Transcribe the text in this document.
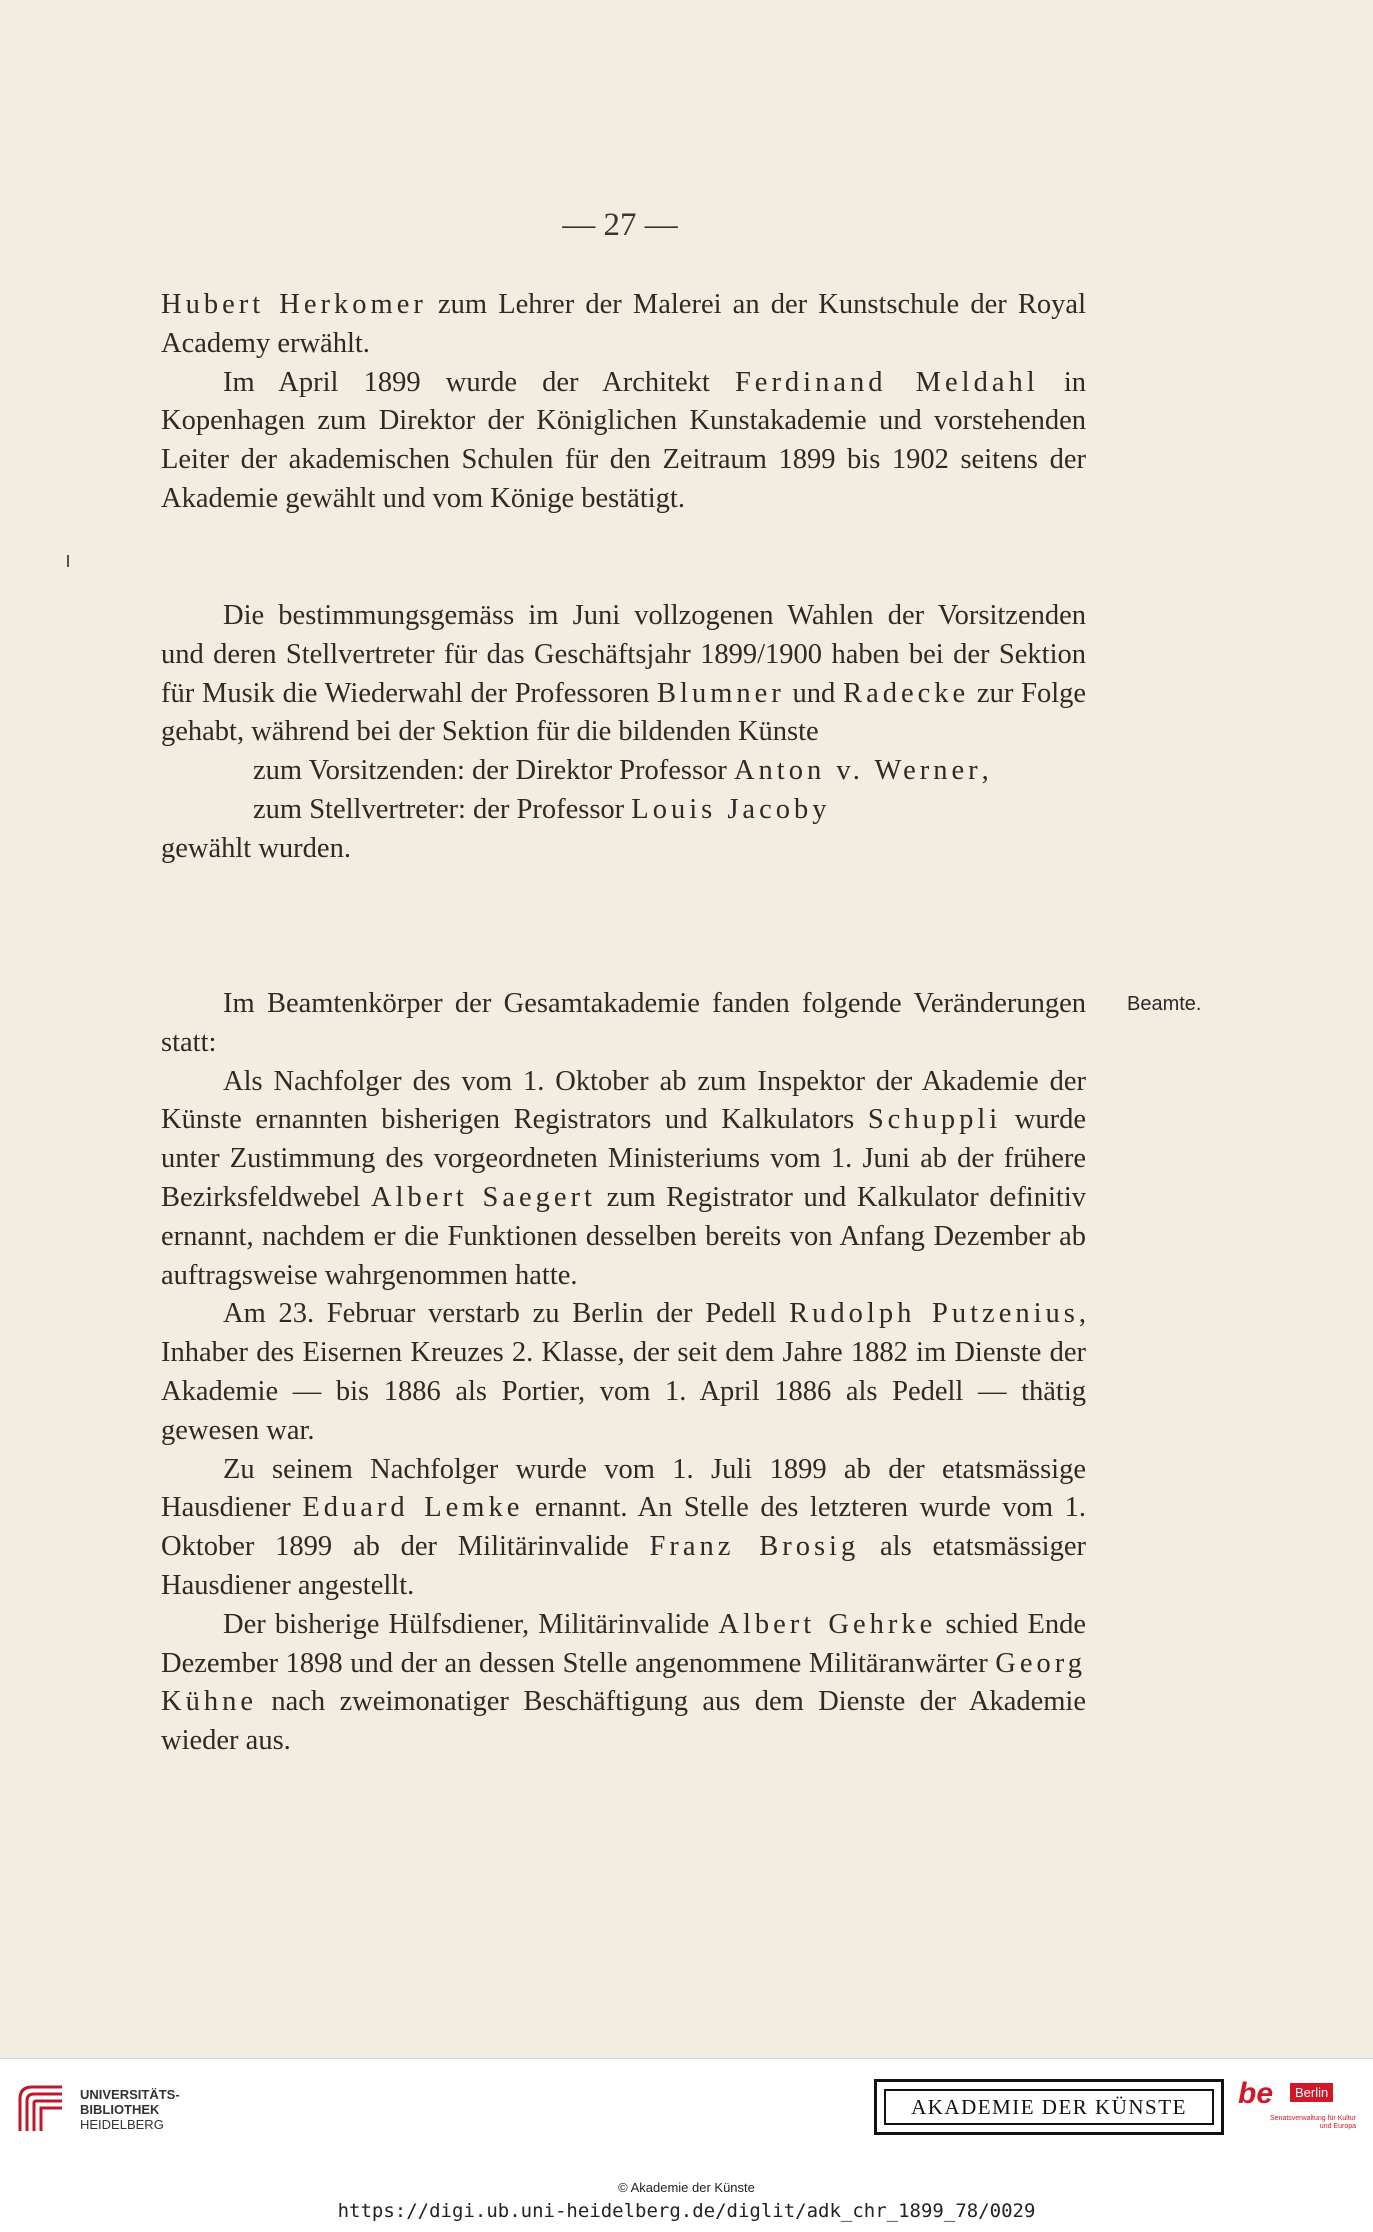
— 27 —

Hubert Herkomer zum Lehrer der Malerei an der Kunstschule der Royal Academy erwählt.

Im April 1899 wurde der Architekt Ferdinand Meldahl in Kopenhagen zum Direktor der Königlichen Kunstakademie und vorstehenden Leiter der akademischen Schulen für den Zeitraum 1899 bis 1902 seitens der Akademie gewählt und vom Könige bestätigt.

Die bestimmungsgemäss im Juni vollzogenen Wahlen der Vorsitzenden und deren Stellvertreter für das Geschäftsjahr 1899/1900 haben bei der Sektion für Musik die Wiederwahl der Professoren Blumner und Radecke zur Folge gehabt, während bei der Sektion für die bildenden Künste

zum Vorsitzenden: der Direktor Professor Anton v. Werner,

zum Stellvertreter: der Professor Louis Jacoby

gewählt wurden.

Beamte.

Im Beamtenkörper der Gesamtakademie fanden folgende Veränderungen statt:

Als Nachfolger des vom 1. Oktober ab zum Inspektor der Akademie der Künste ernannten bisherigen Registrators und Kalkulators Schuppli wurde unter Zustimmung des vorgeordneten Ministeriums vom 1. Juni ab der frühere Bezirksfeldwebel Albert Saegert zum Registrator und Kalkulator definitiv ernannt, nachdem er die Funktionen desselben bereits von Anfang Dezember ab auftragsweise wahrgenommen hatte.

Am 23. Februar verstarb zu Berlin der Pedell Rudolph Putzenius, Inhaber des Eisernen Kreuzes 2. Klasse, der seit dem Jahre 1882 im Dienste der Akademie — bis 1886 als Portier, vom 1. April 1886 als Pedell — thätig gewesen war.

Zu seinem Nachfolger wurde vom 1. Juli 1899 ab der etatsmässige Hausdiener Eduard Lemke ernannt. An Stelle des letzteren wurde vom 1. Oktober 1899 ab der Militärinvalide Franz Brosig als etatsmässiger Hausdiener angestellt.

Der bisherige Hülfsdiener, Militärinvalide Albert Gehrke schied Ende Dezember 1898 und der an dessen Stelle angenommene Militäranwärter Georg Kühne nach zweimonatiger Beschäftigung aus dem Dienste der Akademie wieder aus.

UNIVERSITÄTS-
BIBLIOTHEK
HEIDELBERG
AKADEMIE DER KÜNSTE	be	Berlin
Senatsverwaltung für Kultur und Europa
© Akademie der Künste
https://digi.ub.uni-heidelberg.de/diglit/adk_chr_1899_78/0029
